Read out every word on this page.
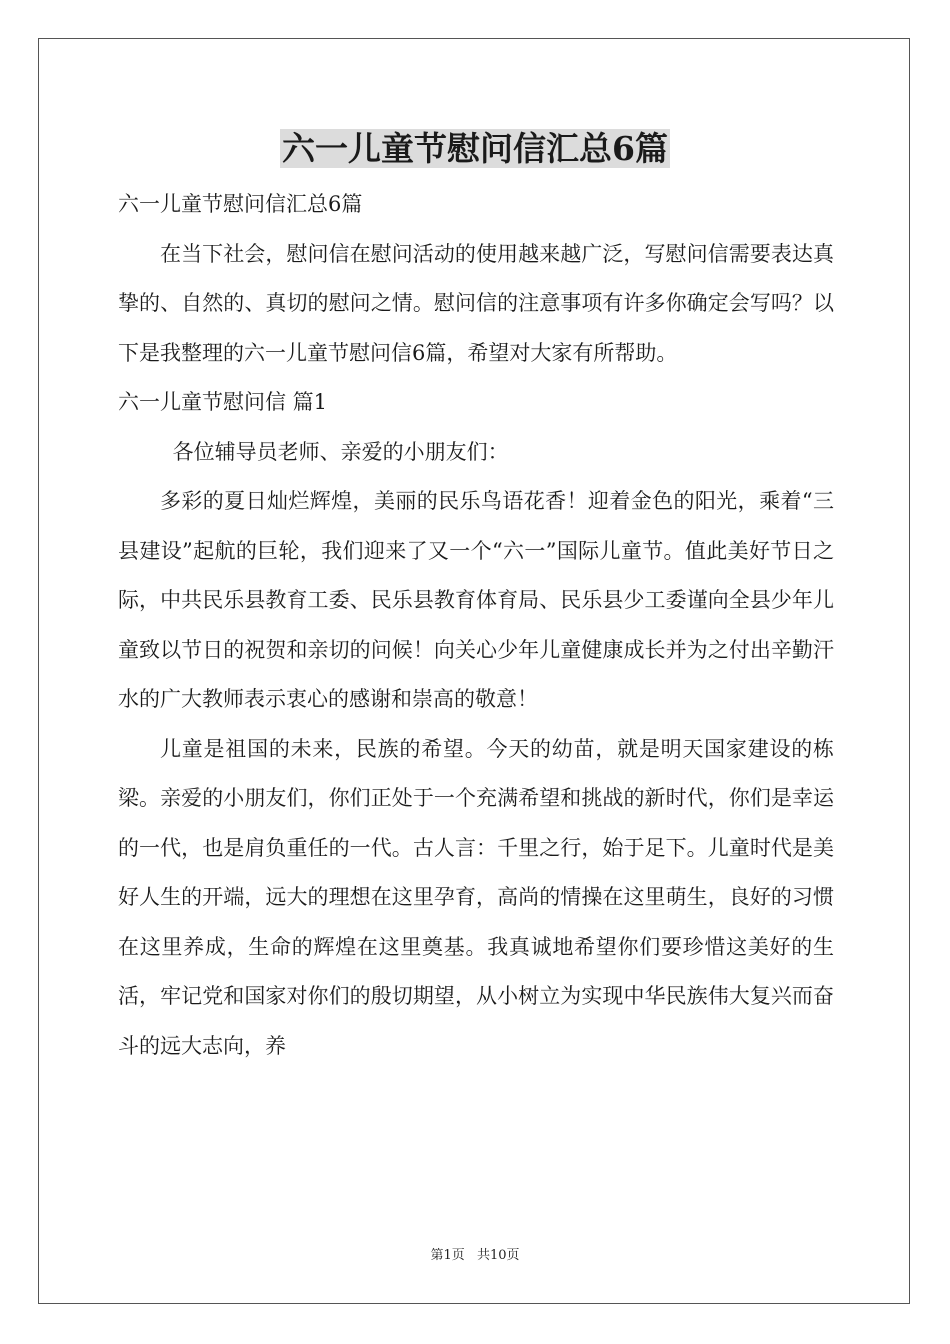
六一儿童节慰问信汇总6篇

六一儿童节慰问信汇总6篇

在当下社会，慰问信在慰问活动的使用越来越广泛，写慰问信需要表达真挚的、自然的、真切的慰问之情。慰问信的注意事项有许多你确定会写吗？以下是我整理的六一儿童节慰问信6篇，希望对大家有所帮助。

六一儿童节慰问信 篇1

各位辅导员老师、亲爱的小朋友们：

多彩的夏日灿烂辉煌，美丽的民乐鸟语花香！迎着金色的阳光，乘着“三县建设”起航的巨轮，我们迎来了又一个“六一”国际儿童节。值此美好节日之际，中共民乐县教育工委、民乐县教育体育局、民乐县少工委谨向全县少年儿童致以节日的祝贺和亲切的问候！向关心少年儿童健康成长并为之付出辛勤汗水的广大教师表示衷心的感谢和崇高的敬意！

儿童是祖国的未来，民族的希望。今天的幼苗，就是明天国家建设的栋梁。亲爱的小朋友们，你们正处于一个充满希望和挑战的新时代，你们是幸运的一代，也是肩负重任的一代。古人言：千里之行，始于足下。儿童时代是美好人生的开端，远大的理想在这里孕育，高尚的情操在这里萌生，良好的习惯在这里养成，生命的辉煌在这里奠基。我真诚地希望你们要珍惜这美好的生活，牢记党和国家对你们的殷切期望，从小树立为实现中华民族伟大复兴而奋斗的远大志向，养

第1页 共10页
